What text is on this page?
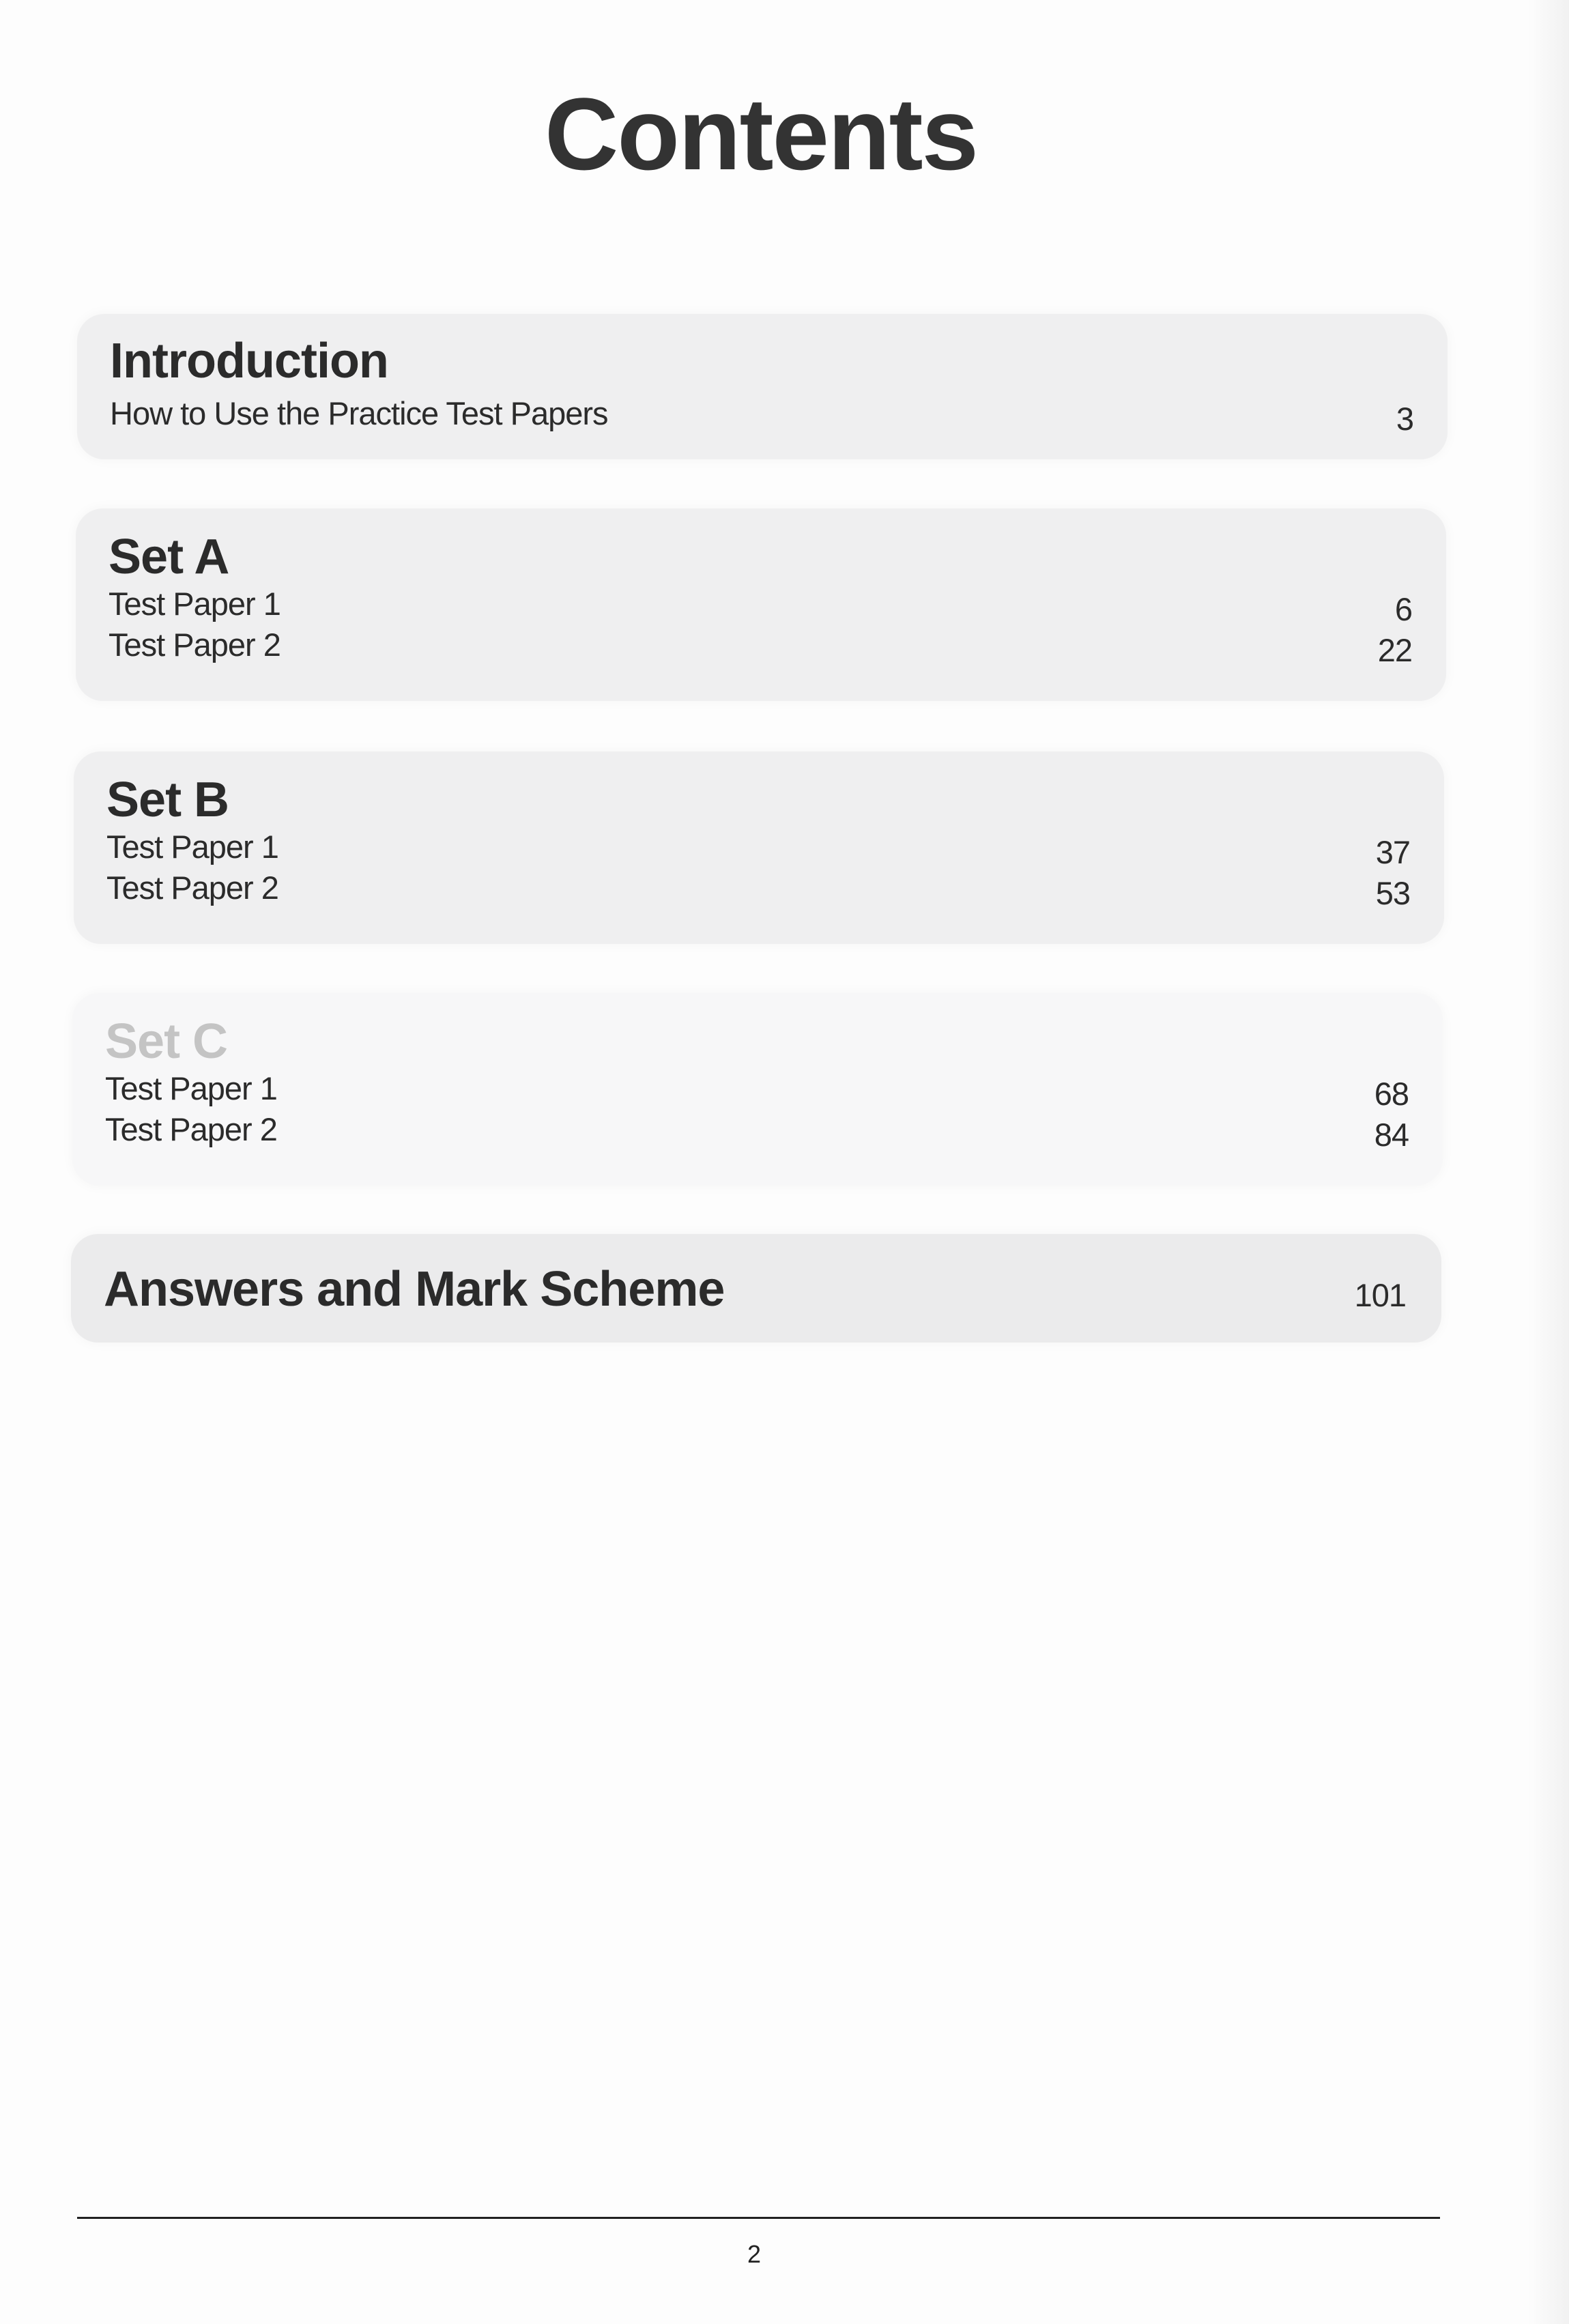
Contents
Introduction
How to Use the Practice Test Papers	3
Set A
Test Paper 1	6
Test Paper 2	22
Set B
Test Paper 1	37
Test Paper 2	53
Set C
Test Paper 1	68
Test Paper 2	84
Answers and Mark Scheme	101
2
